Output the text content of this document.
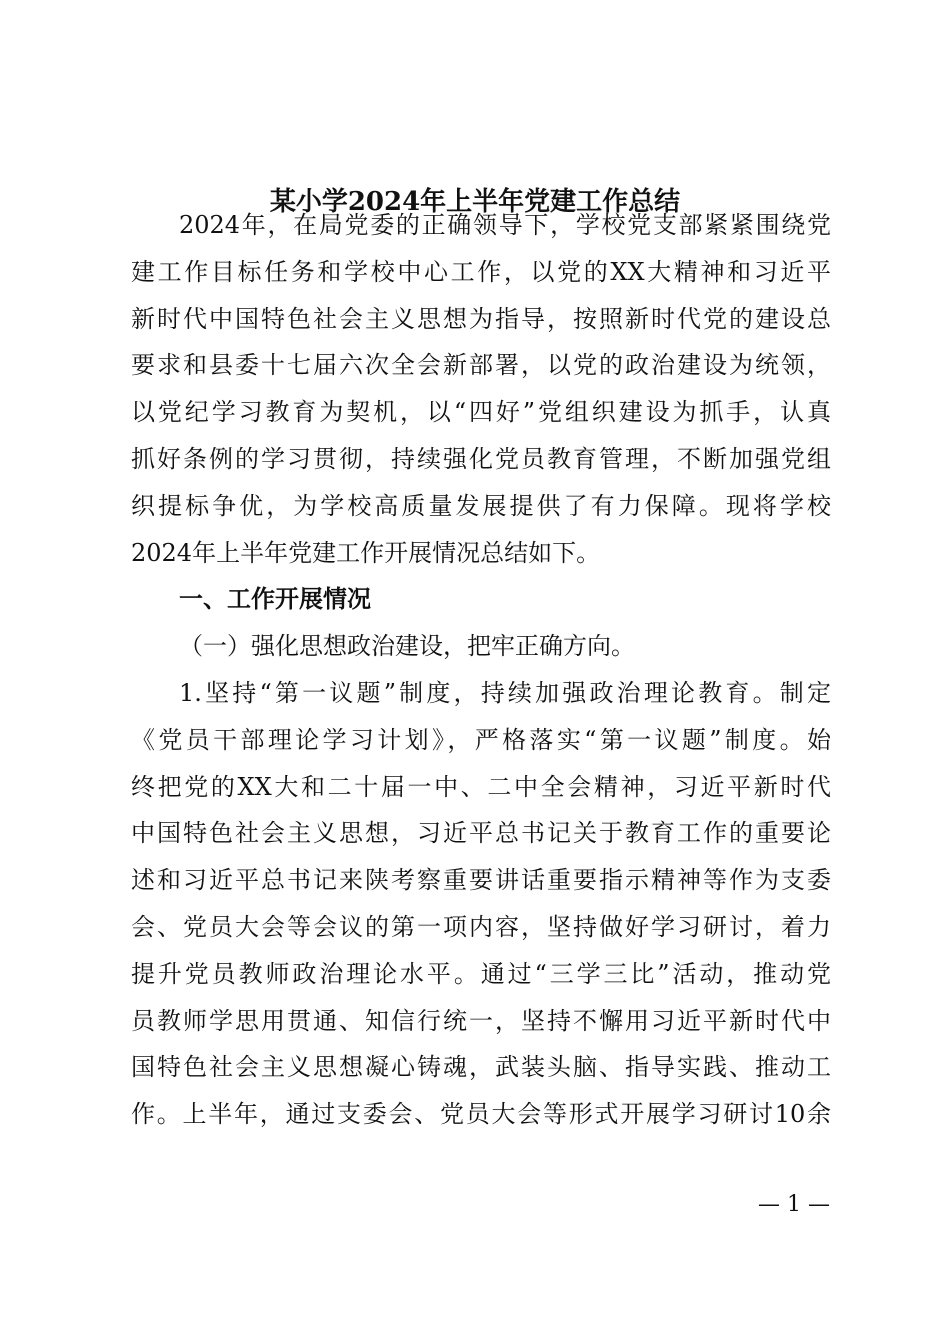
某小学2024年上半年党建工作总结
2024年，在局党委的正确领导下，学校党支部紧紧围绕党
建工作目标任务和学校中心工作，以党的XX大精神和习近平
新时代中国特色社会主义思想为指导，按照新时代党的建设总
要求和县委十七届六次全会新部署，以党的政治建设为统领，
以党纪学习教育为契机，以“四好”党组织建设为抓手，认真
抓好条例的学习贯彻，持续强化党员教育管理，不断加强党组
织提标争优，为学校高质量发展提供了有力保障。现将学校
2024年上半年党建工作开展情况总结如下。
一、工作开展情况
（一）强化思想政治建设，把牢正确方向。
1.坚持“第一议题”制度，持续加强政治理论教育。制定
《党员干部理论学习计划》，严格落实“第一议题”制度。始
终把党的XX大和二十届一中、二中全会精神，习近平新时代
中国特色社会主义思想，习近平总书记关于教育工作的重要论
述和习近平总书记来陕考察重要讲话重要指示精神等作为支委
会、党员大会等会议的第一项内容，坚持做好学习研讨，着力
提升党员教师政治理论水平。通过“三学三比”活动，推动党
员教师学思用贯通、知信行统一，坚持不懈用习近平新时代中
国特色社会主义思想凝心铸魂，武装头脑、指导实践、推动工
作。上半年，通过支委会、党员大会等形式开展学习研讨10余
— 1 —
